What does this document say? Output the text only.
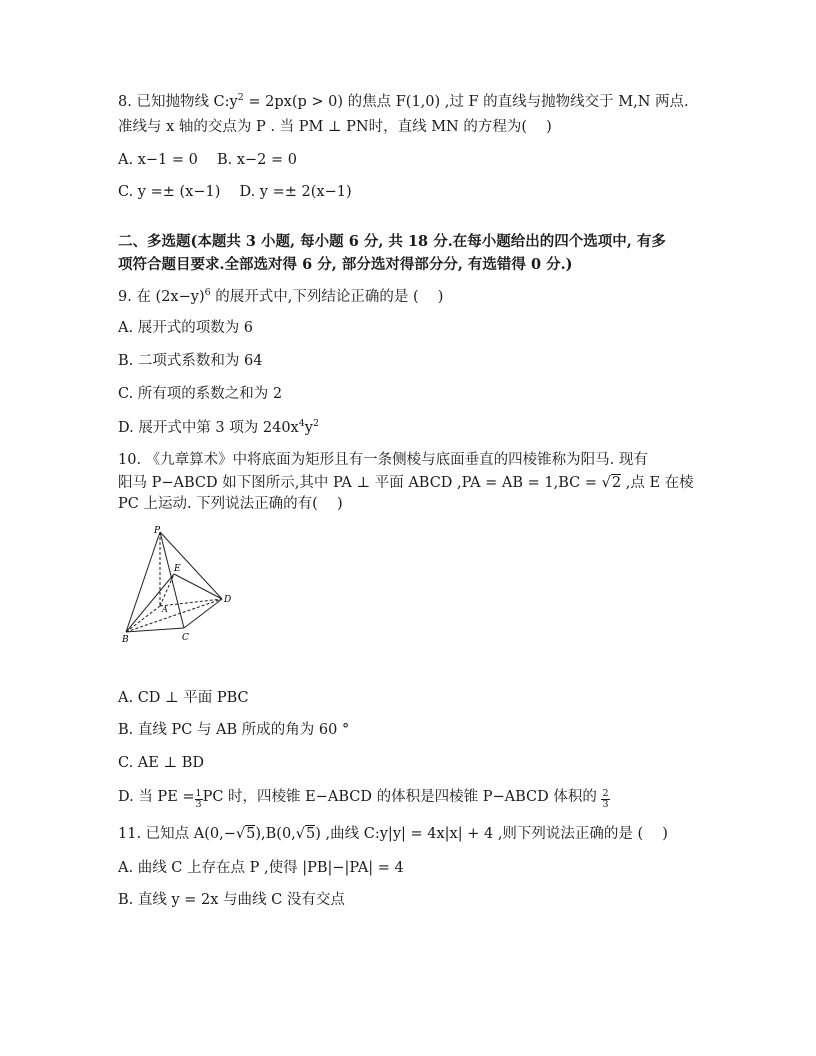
8. 已知抛物线 $C:y^2 = 2px(p > 0)$ 的焦点 F(1,0) ,过 F 的直线与抛物线交于 M,N 两点.
准线与 x 轴的交点为 P . 当 PM ⊥ PN时，直线 MN 的方程为(　 )
A. x−1 = 0　 B. x−2 = 0
C. y =± (x−1)　 D. y =± 2(x−1)
二、多选题(本题共 3 小题, 每小题 6 分, 共 18 分.在每小题给出的四个选项中, 有多
项符合题目要求.全部选对得 6 分, 部分选对得部分分, 有选错得 0 分.)
9. 在 $(2x-y)^6$ 的展开式中,下列结论正确的是 (　 )
A. 展开式的项数为 6
B. 二项式系数和为 64
C. 所有项的系数之和为 2
D. 展开式中第 3 项为 $240x^4y^2$
10. 《九章算术》中将底面为矩形且有一条侧棱与底面垂直的四棱锥称为阳马. 现有
阳马 P−ABCD 如下图所示,其中 PA ⊥ 平面 ABCD ,PA = AB = 1,BC = √2 ,点 E 在棱
PC 上运动. 下列说法正确的有(　 )
P
E
A
D
B	C
A. CD ⊥ 平面 PBC
B. 直线 PC 与 AB 所成的角为 60 °
C. AE ⊥ BD
D. 当 PE = $\frac{1}{3}$ PC 时，四棱锥 E−ABCD 的体积是四棱锥 P−ABCD 体积的 $\frac{2}{3}$
11. 已知点 A(0,−√5),B(0,√5) ,曲线 C:y|y| = 4x|x| + 4 ,则下列说法正确的是 (　 )
A. 曲线 C 上存在点 P ,使得 |PB|−|PA| = 4
B. 直线 y = 2x 与曲线 C 没有交点
